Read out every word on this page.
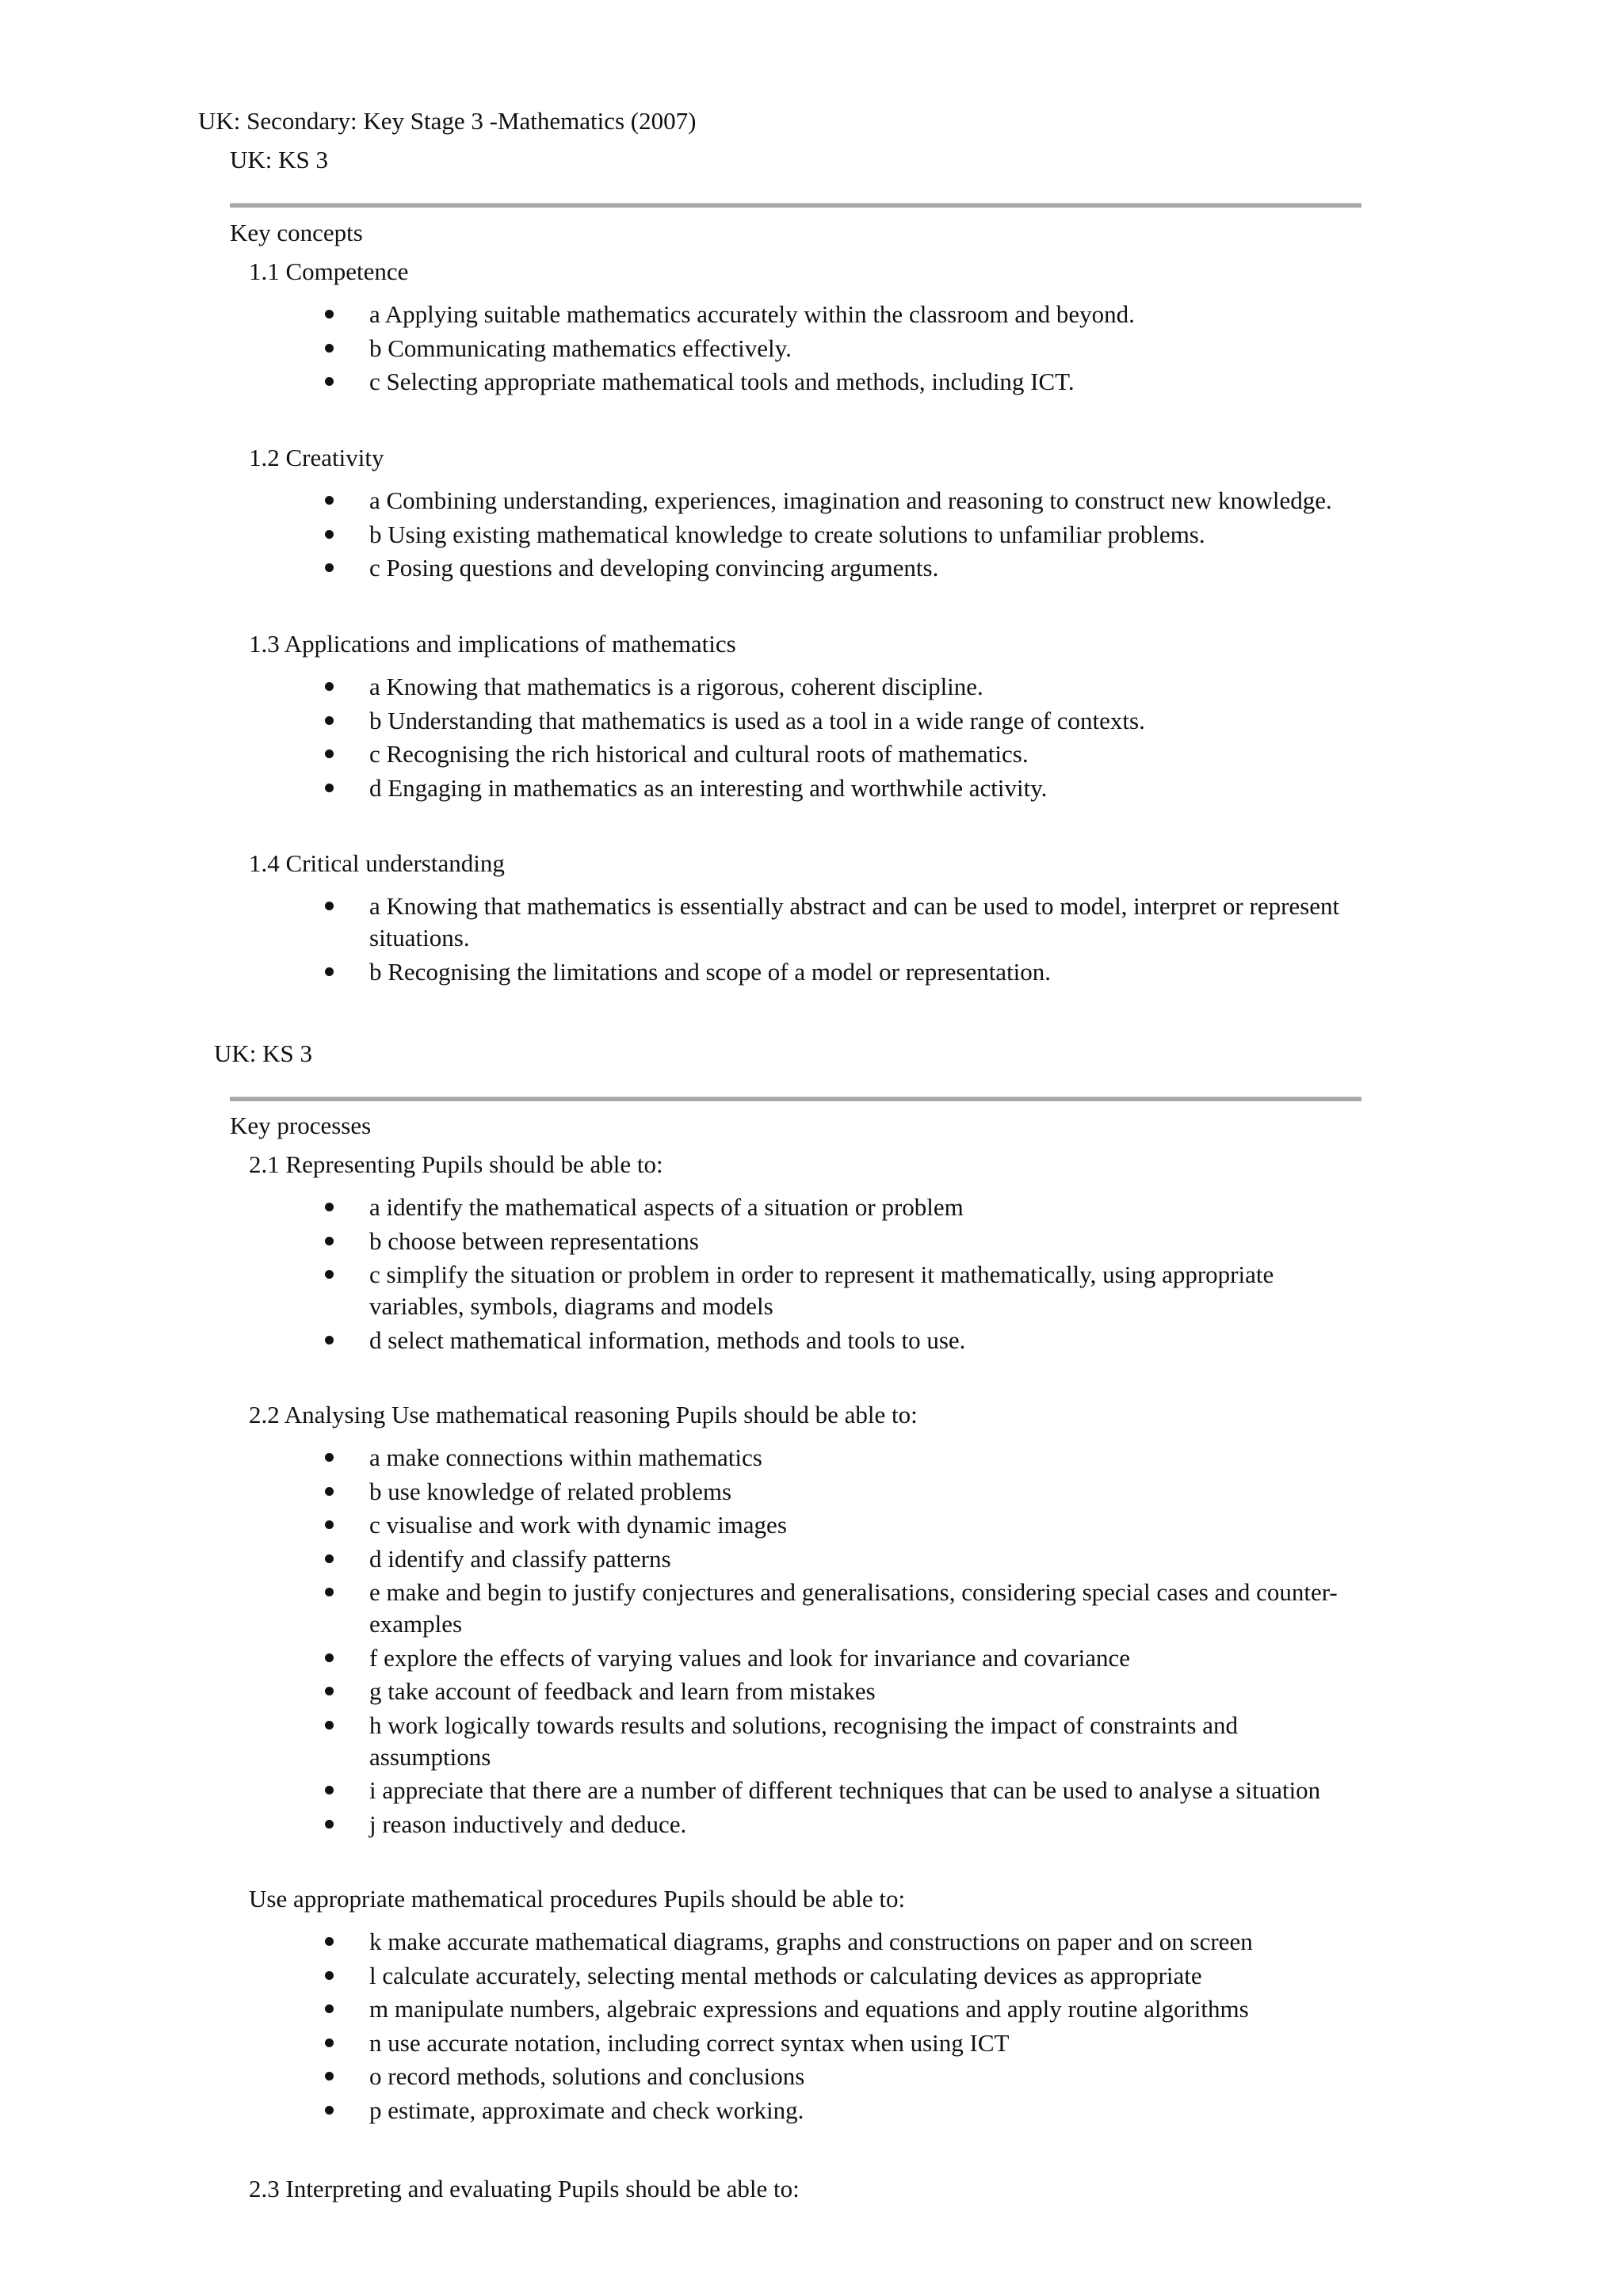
UK: Secondary: Key Stage 3 -Mathematics (2007)
UK: KS 3
Key concepts
1.1 Competence
a Applying suitable mathematics accurately within the classroom and beyond.
b Communicating mathematics effectively.
c Selecting appropriate mathematical tools and methods, including ICT.
1.2 Creativity
a Combining understanding, experiences, imagination and reasoning to construct new knowledge.
b Using existing mathematical knowledge to create solutions to unfamiliar problems.
c Posing questions and developing convincing arguments.
1.3 Applications and implications of mathematics
a Knowing that mathematics is a rigorous, coherent discipline.
b Understanding that mathematics is used as a tool in a wide range of contexts.
c Recognising the rich historical and cultural roots of mathematics.
d Engaging in mathematics as an interesting and worthwhile activity.
1.4 Critical understanding
a Knowing that mathematics is essentially abstract and can be used to model, interpret or represent
situations.
b Recognising the limitations and scope of a model or representation.
UK: KS 3
Key processes
2.1 Representing Pupils should be able to:
a identify the mathematical aspects of a situation or problem
b choose between representations
c simplify the situation or problem in order to represent it mathematically, using appropriate
variables, symbols, diagrams and models
d select mathematical information, methods and tools to use.
2.2 Analysing Use mathematical reasoning Pupils should be able to:
a make connections within mathematics
b use knowledge of related problems
c visualise and work with dynamic images
d identify and classify patterns
e make and begin to justify conjectures and generalisations, considering special cases and counter-
examples
f explore the effects of varying values and look for invariance and covariance
g take account of feedback and learn from mistakes
h work logically towards results and solutions, recognising the impact of constraints and
assumptions
i appreciate that there are a number of different techniques that can be used to analyse a situation
j reason inductively and deduce.
Use appropriate mathematical procedures Pupils should be able to:
k make accurate mathematical diagrams, graphs and constructions on paper and on screen
l calculate accurately, selecting mental methods or calculating devices as appropriate
m manipulate numbers, algebraic expressions and equations and apply routine algorithms
n use accurate notation, including correct syntax when using ICT
o record methods, solutions and conclusions
p estimate, approximate and check working.
2.3 Interpreting and evaluating Pupils should be able to:
